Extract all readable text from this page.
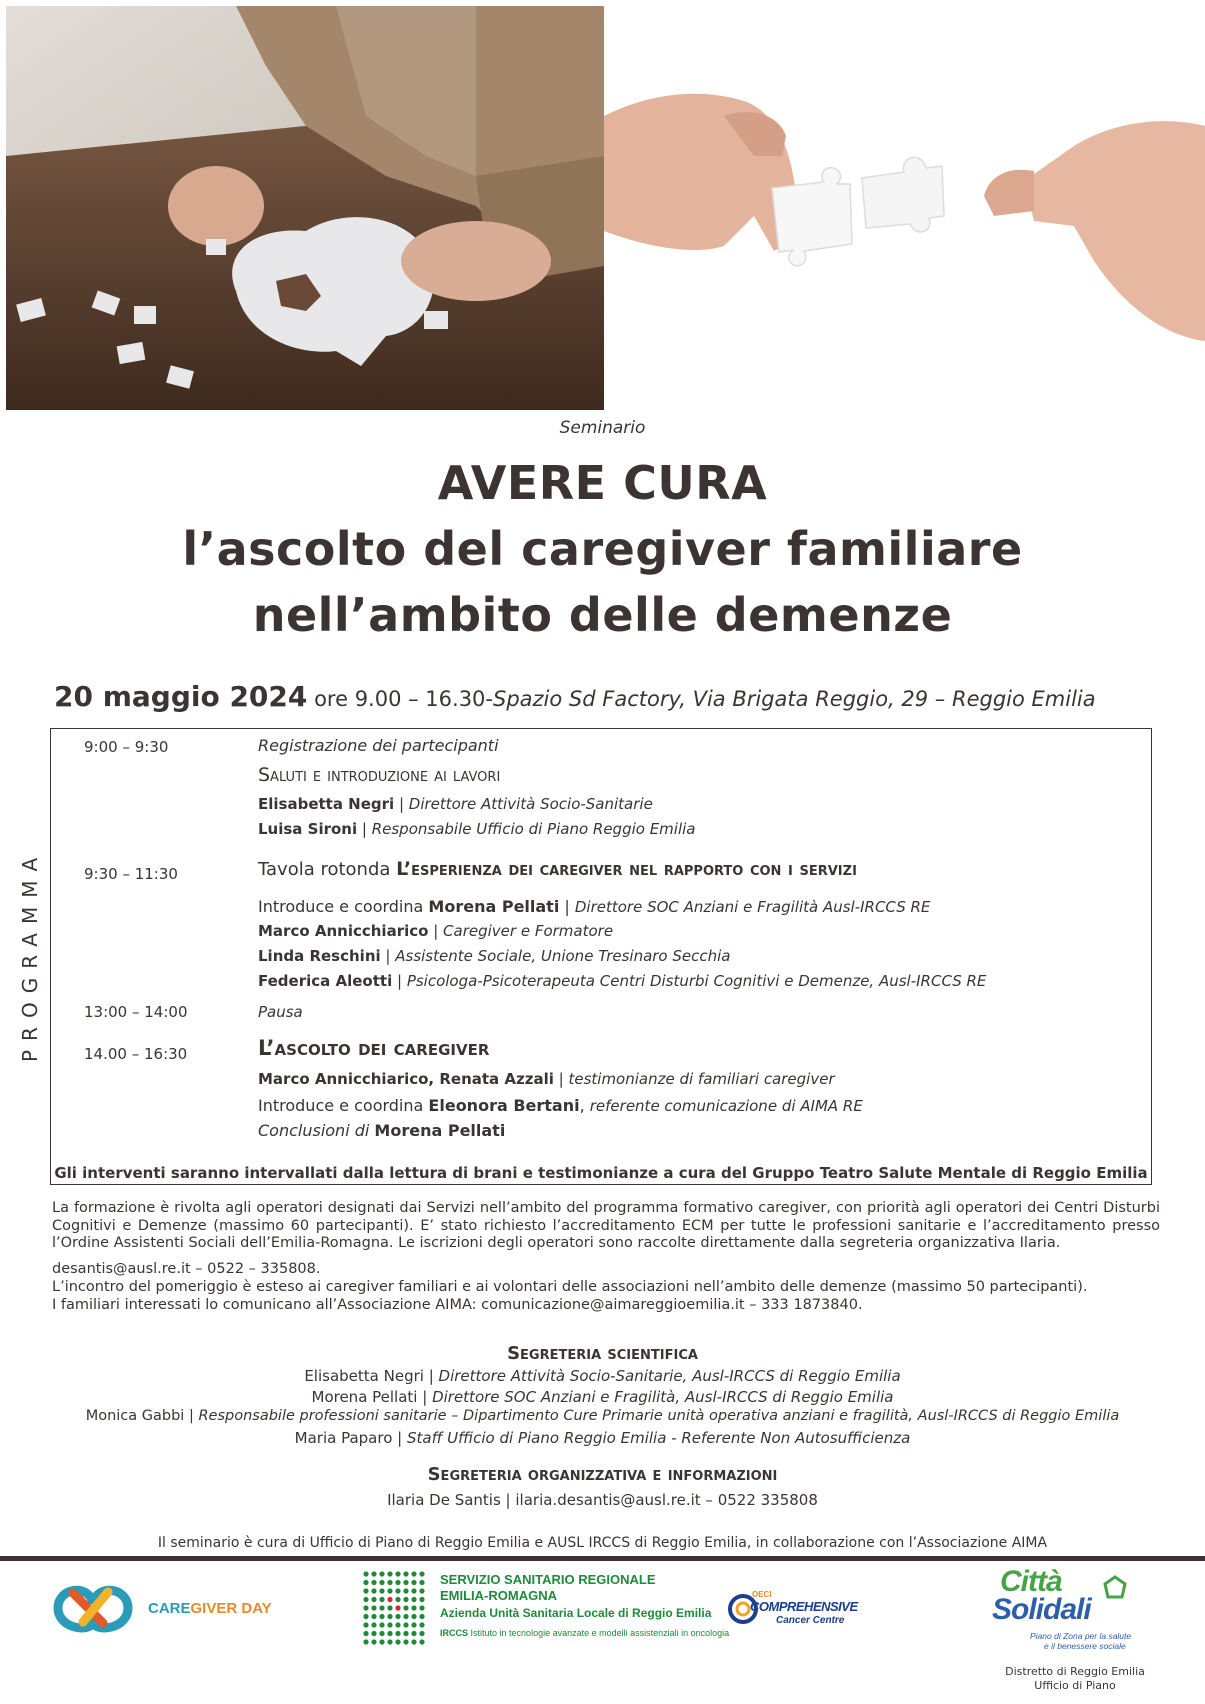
Seminario
AVERE CURA
l’ascolto del caregiver familiare
nell’ambito delle demenze
20 maggio 2024 ore 9.00 – 16.30-Spazio Sd Factory, Via Brigata Reggio, 29 – Reggio Emilia
PROGRAMMA
9:00 – 9:30	Registrazione dei partecipanti
Saluti e introduzione ai lavori
Elisabetta Negri | Direttore Attività Socio-Sanitarie
Luisa Sironi | Responsabile Ufficio di Piano Reggio Emilia
9:30 – 11:30	Tavola rotonda L’esperienza dei caregiver nel rapporto con i servizi
Introduce e coordina Morena Pellati | Direttore SOC Anziani e Fragilità Ausl-IRCCS RE
Marco Annicchiarico | Caregiver e Formatore
Linda Reschini | Assistente Sociale, Unione Tresinaro Secchia
Federica Aleotti | Psicologa-Psicoterapeuta Centri Disturbi Cognitivi e Demenze, Ausl-IRCCS RE
13:00 – 14:00	Pausa
14.00 – 16:30	L’ascolto dei caregiver
Marco Annicchiarico, Renata Azzali | testimonianze di familiari caregiver
Introduce e coordina Eleonora Bertani, referente comunicazione di AIMA RE
Conclusioni di Morena Pellati
Gli interventi saranno intervallati dalla lettura di brani e testimonianze a cura del Gruppo Teatro Salute Mentale di Reggio Emilia
La formazione è rivolta agli operatori designati dai Servizi nell’ambito del programma formativo caregiver, con priorità agli operatori dei Centri Disturbi Cognitivi e Demenze (massimo 60 partecipanti). E’ stato richiesto l’accreditamento ECM per tutte le professioni sanitarie e l’accreditamento presso l’Ordine Assistenti Sociali dell’Emilia-Romagna. Le iscrizioni degli operatori sono raccolte direttamente dalla segreteria organizzativa Ilaria.
desantis@ausl.re.it – 0522 – 335808.
L’incontro del pomeriggio è esteso ai caregiver familiari e ai volontari delle associazioni nell’ambito delle demenze (massimo 50 partecipanti).
I familiari interessati lo comunicano all’Associazione AIMA: comunicazione@aimareggioemilia.it – 333 1873840.
Segreteria scientifica
Elisabetta Negri | Direttore Attività Socio-Sanitarie, Ausl-IRCCS di Reggio Emilia
Morena Pellati | Direttore SOC Anziani e Fragilità, Ausl-IRCCS di Reggio Emilia
Monica Gabbi | Responsabile professioni sanitarie – Dipartimento Cure Primarie unità operativa anziani e fragilità, Ausl-IRCCS di Reggio Emilia
Maria Paparo | Staff Ufficio di Piano Reggio Emilia - Referente Non Autosufficienza
Segreteria organizzativa e informazioni
Ilaria De Santis | ilaria.desantis@ausl.re.it – 0522 335808
Il seminario è cura di Ufficio di Piano di Reggio Emilia e AUSL IRCCS di Reggio Emilia, in collaborazione con l’Associazione AIMA
CAREGIVER DAY
SERVIZIO SANITARIO REGIONALE
EMILIA-ROMAGNA
Azienda Unità Sanitaria Locale di Reggio Emilia
IRCCS Istituto in tecnologie avanzate e modelli assistenziali in oncologia
OECI
COMPREHENSIVE
Cancer Centre
Città
Solidali
Piano di Zona per la salute
e il benessere sociale
Distretto di Reggio Emilia
Ufficio di Piano
